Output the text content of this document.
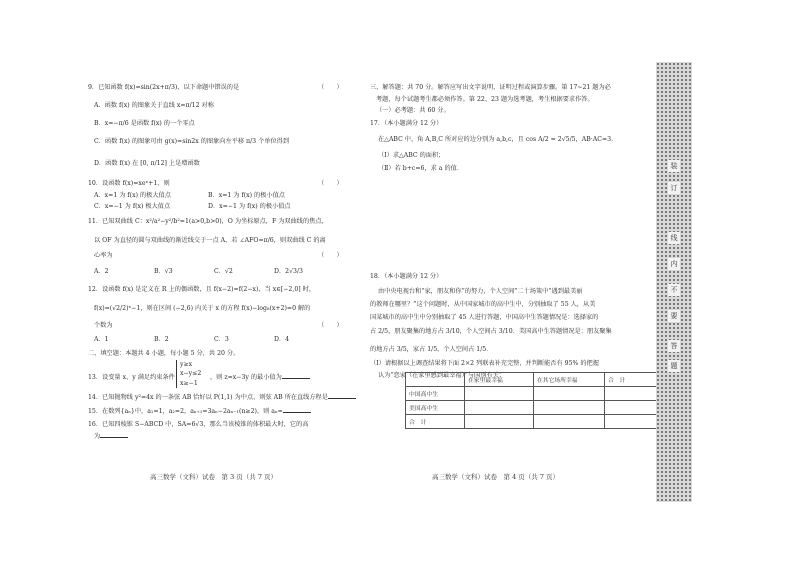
9．已知函数 f(x)=sin(2x+π/3)，以下命题中错误的是	（　　）
A．函数 f(x) 的图象关于直线 x=π/12 对称
B．x=−π/6 是函数 f(x) 的一个零点
C．函数 f(x) 的图象可由 g(x)=sin2x 的图象向左平移 π/3 个单位得到
D．函数 f(x) 在 [0, π/12] 上是增函数
10．设函数 f(x)=xeˣ+1，则	（　　）
A．x=1 为 f(x) 的极大值点	B．x=1 为 f(x) 的极小值点
C．x=−1 为 f(x) 极大值点	D．x=−1 为 f(x) 的极小值点
11．已知双曲线 C：x²/a²−y²/b²=1(a>0,b>0)，O 为坐标原点，F 为双曲线的焦点，
以 OF 为直径的圆与双曲线的渐近线交于一点 A，若 ∠AFO=π/6，则双曲线 C 的离
心率为	（　　）
A．2	B．√3	C．√2	D．2√3/3
12．设函数 f(x) 是定义在 R 上的偶函数，且 f(x−2)=f(2−x)，当 x∈[−2,0] 时，
f(x)=(√2/2)ˣ−1，则在区间 (−2,6) 内关于 x 的方程 f(x)−log₈(x+2)=0 解的
个数为	（　　）
A．1	B．2	C．3	D．4
二、填空题：本题共 4 小题，每小题 5 分，共 20 分。
13．设变量 x、y 满足约束条件
y≥x
x−y≤2
x≥−1
，则 z=x−3y 的最小值为
14．已知抛物线 y²=4x 的一条弦 AB 恰好以 P(1,1) 为中点，则弦 AB 所在直线方程是
15．在数列{aₙ}中，a₁=1，a₂=2，aₙ₊₁=3aₙ−2aₙ₋₁(n≥2)，则 aₙ=
16．已知四棱锥 S−ABCD 中，SA=6√3，那么当该棱锥的体积最大时，它的高
为
高三数学（文科）试卷　第 3 页（共 7 页）
三、解答题：共 70 分。解答应写出文字说明、证明过程或演算步骤。第 17~21 题为必
考题，每个试题考生都必须作答。第 22、23 题为选考题，考生根据要求作答。
（一）必考题：共 60 分。
17．（本小题满分 12 分）
在△ABC 中，角 A,B,C 所对应的边分别为 a,b,c，且 cos A/2 = 2√5/5，AB·AC=3．
（Ⅰ）求△ABC 的面积；
（Ⅱ）若 b+c=6，求 a 的值．
18．（本小题满分 12 分）
由中央电视台和“家，朋友和你”的努力，个人空间”二十场策中“遇到最美丽
的教师在哪里？”这个问题时，从中国家城市的高中生中，分别抽取了 55 人，从美
国某城市的高中生中分别抽取了 45 人进行答题，中国高中生答题情况是：选择家的
占 2/5，朋友聚集的地方占 3/10，个人空间占 3/10．美国高中生答题情况是：朋友聚集
的地方占 3/5，家占 1/5，个人空间占 1/5．
（Ⅰ）请根据以上调查结果将下面 2×2 列联表补充完整，并判断能否有 95% 的把握
认为“恋家（在家里感到最幸福）”与国别有关；
	在家里最幸福	在其它场所幸福	合　计
中国高中生			
美国高中生			
合　计			
高三数学（文科）试卷　第 4 页（共 7 页）
装
订
线
内
不
要
答
题
